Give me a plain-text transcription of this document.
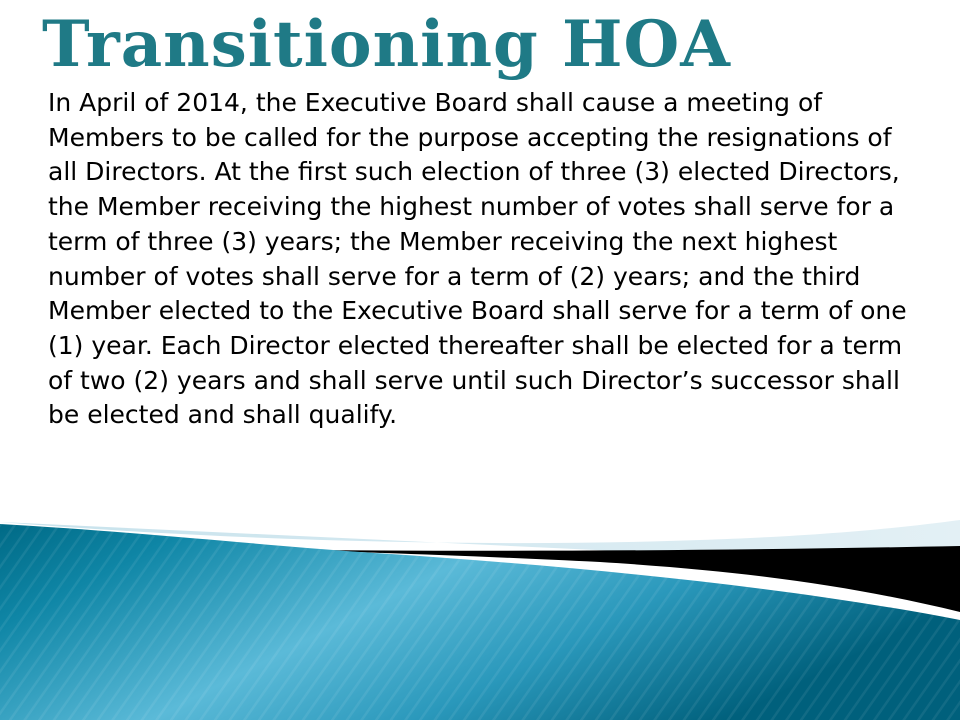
Transitioning HOA

In April of 2014, the Executive Board shall cause a meeting of Members to be called for the purpose accepting the resignations of all Directors. At the first such election of three (3) elected Directors, the Member receiving the highest number of votes shall serve for a term of three (3) years; the Member receiving the next highest number of votes shall serve for a term of (2) years; and the third Member elected to the Executive Board shall serve for a term of one (1) year. Each Director elected thereafter shall be elected for a term of two (2) years and shall serve until such Director’s successor shall be elected and shall qualify.
